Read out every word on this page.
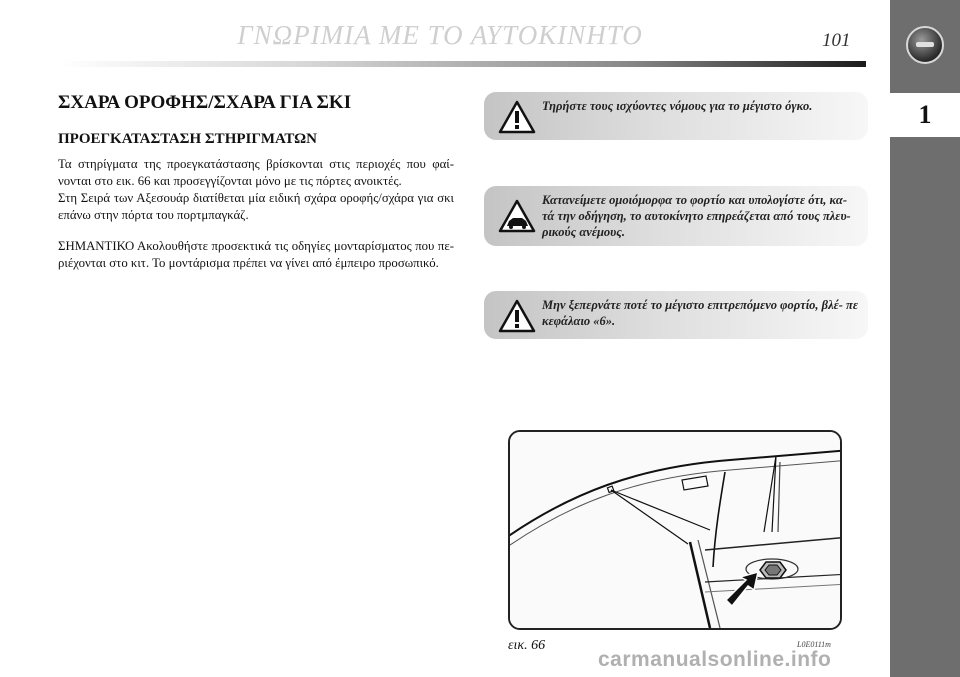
ΓΝΩΡΙΜΙΑ ΜΕ ΤΟ ΑΥΤΟΚΙΝΗΤΟ	101
1
ΣΧΑΡΑ ΟΡΟΦΗΣ/ΣΧΑΡΑ ΓΙΑ ΣΚΙ
ΠΡΟΕΓΚΑΤΑΣΤΑΣΗ ΣΤΗΡΙΓΜΑΤΩΝ

Τα στηρίγματα της προεγκατάστασης βρίσκονται στις περιοχές που φαί- νονται στο εικ. 66 και προσεγγίζονται μόνο με τις πόρτες ανοικτές.

Στη Σειρά των Αξεσουάρ διατίθεται μία ειδική σχάρα οροφής/σχάρα για σκι επάνω στην πόρτα του πορτμπαγκάζ.

ΣΗΜΑΝΤΙΚΟ Ακολουθήστε προσεκτικά τις οδηγίες μονταρίσματος που πε- ριέχονται στο κιτ. Το μοντάρισμα πρέπει να γίνει από έμπειρο προσωπικό.

Τηρήστε τους ισχύοντες νόμους για το μέγιστο όγκο.
Κατανείμετε ομοιόμορφα το φορτίο και υπολογίστε ότι, κα- τά την οδήγηση, το αυτοκίνητο επηρεάζεται από τους πλευ- ρικούς ανέμους.
Μην ξεπερνάτε ποτέ το μέγιστο επιτρεπόμενο φορτίο, βλέ- πε κεφάλαιο «6».
εικ. 66	L0E0111m
carmanualsonline.info
